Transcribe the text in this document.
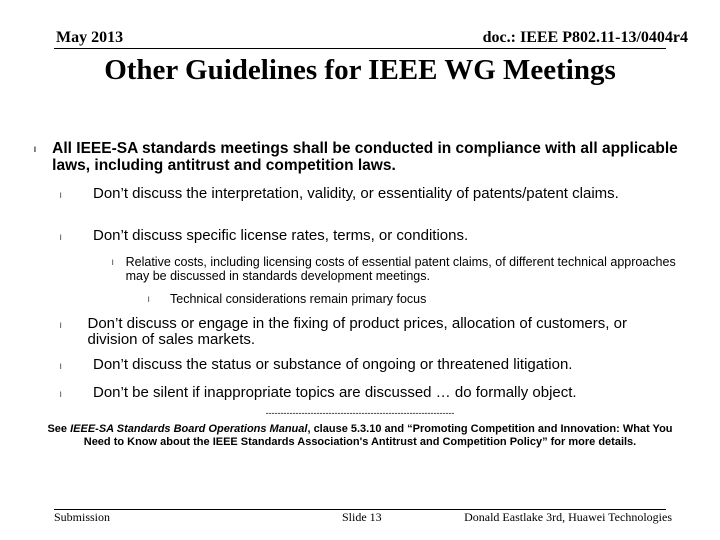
May 2013	doc.: IEEE P802.11-13/0404r4
Other Guidelines for IEEE WG Meetings
l	All IEEE-SA standards meetings shall be conducted in compliance with all applicable laws, including antitrust and competition laws.
l	Don’t discuss the interpretation, validity, or essentiality of patents/patent claims.
l	Don’t discuss specific license rates, terms, or conditions.
l Relative costs, including licensing costs of essential patent claims, of different technical approaches may be discussed in standards development meetings.
l	Technical considerations remain primary focus
l	Don’t discuss or engage in the fixing of product prices, allocation of customers, or division of sales markets.
l	Don’t discuss the status or substance of ongoing or threatened litigation.
l	Don’t be silent if inappropriate topics are discussed … do formally object.
---------------------------------------------------------------
See IEEE-SA Standards Board Operations Manual, clause 5.3.10 and “Promoting Competition and Innovation: What You Need to Know about the IEEE Standards Association's Antitrust and Competition Policy” for more details.
Submission	Slide 13	Donald Eastlake 3rd, Huawei Technologies
